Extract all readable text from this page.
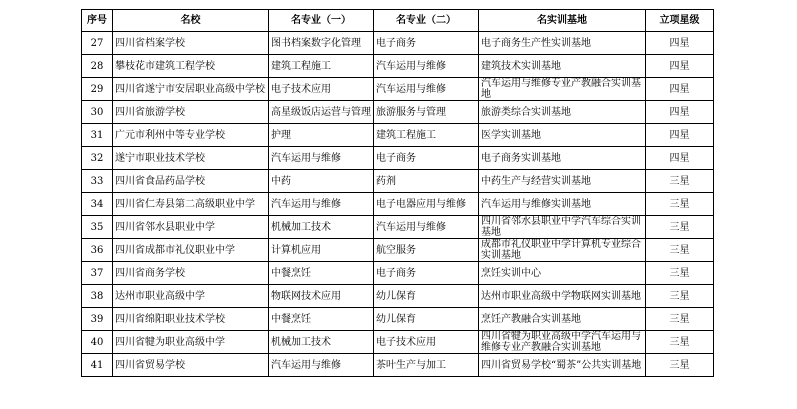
序号	名校	名专业（一）	名专业（二）	名实训基地	立项星级
27	四川省档案学校	图书档案数字化管理	电子商务	电子商务生产性实训基地	四星
28	攀枝花市建筑工程学校	建筑工程施工	汽车运用与维修	建筑技术实训基地	四星
29	四川省遂宁市安居职业高级中学校	电子技术应用	汽车运用与维修	汽车运用与维修专业产教融合实训基地	四星
30	四川省旅游学校	高星级饭店运营与管理	旅游服务与管理	旅游类综合实训基地	四星
31	广元市利州中等专业学校	护理	建筑工程施工	医学实训基地	四星
32	遂宁市职业技术学校	汽车运用与维修	电子商务	电子商务实训基地	四星
33	四川省食品药品学校	中药	药剂	中药生产与经营实训基地	三星
34	四川省仁寿县第二高级职业中学	汽车运用与维修	电子电器应用与维修	汽车运用与维修实训基地	三星
35	四川省邻水县职业中学	机械加工技术	汽车运用与维修	四川省邻水县职业中学汽车综合实训基地	三星
36	四川省成都市礼仪职业中学	计算机应用	航空服务	成都市礼仪职业中学计算机专业综合实训基地	三星
37	四川省商务学校	中餐烹饪	电子商务	烹饪实训中心	三星
38	达州市职业高级中学	物联网技术应用	幼儿保育	达州市职业高级中学物联网实训基地	三星
39	四川省绵阳职业技术学校	中餐烹饪	幼儿保育	烹饪产教融合实训基地	三星
40	四川省犍为职业高级中学	机械加工技术	电子技术应用	四川省犍为职业高级中学汽车运用与维修专业产教融合实训基地	三星
41	四川省贸易学校	汽车运用与维修	茶叶生产与加工	四川省贸易学校“蜀茶”公共实训基地	三星
